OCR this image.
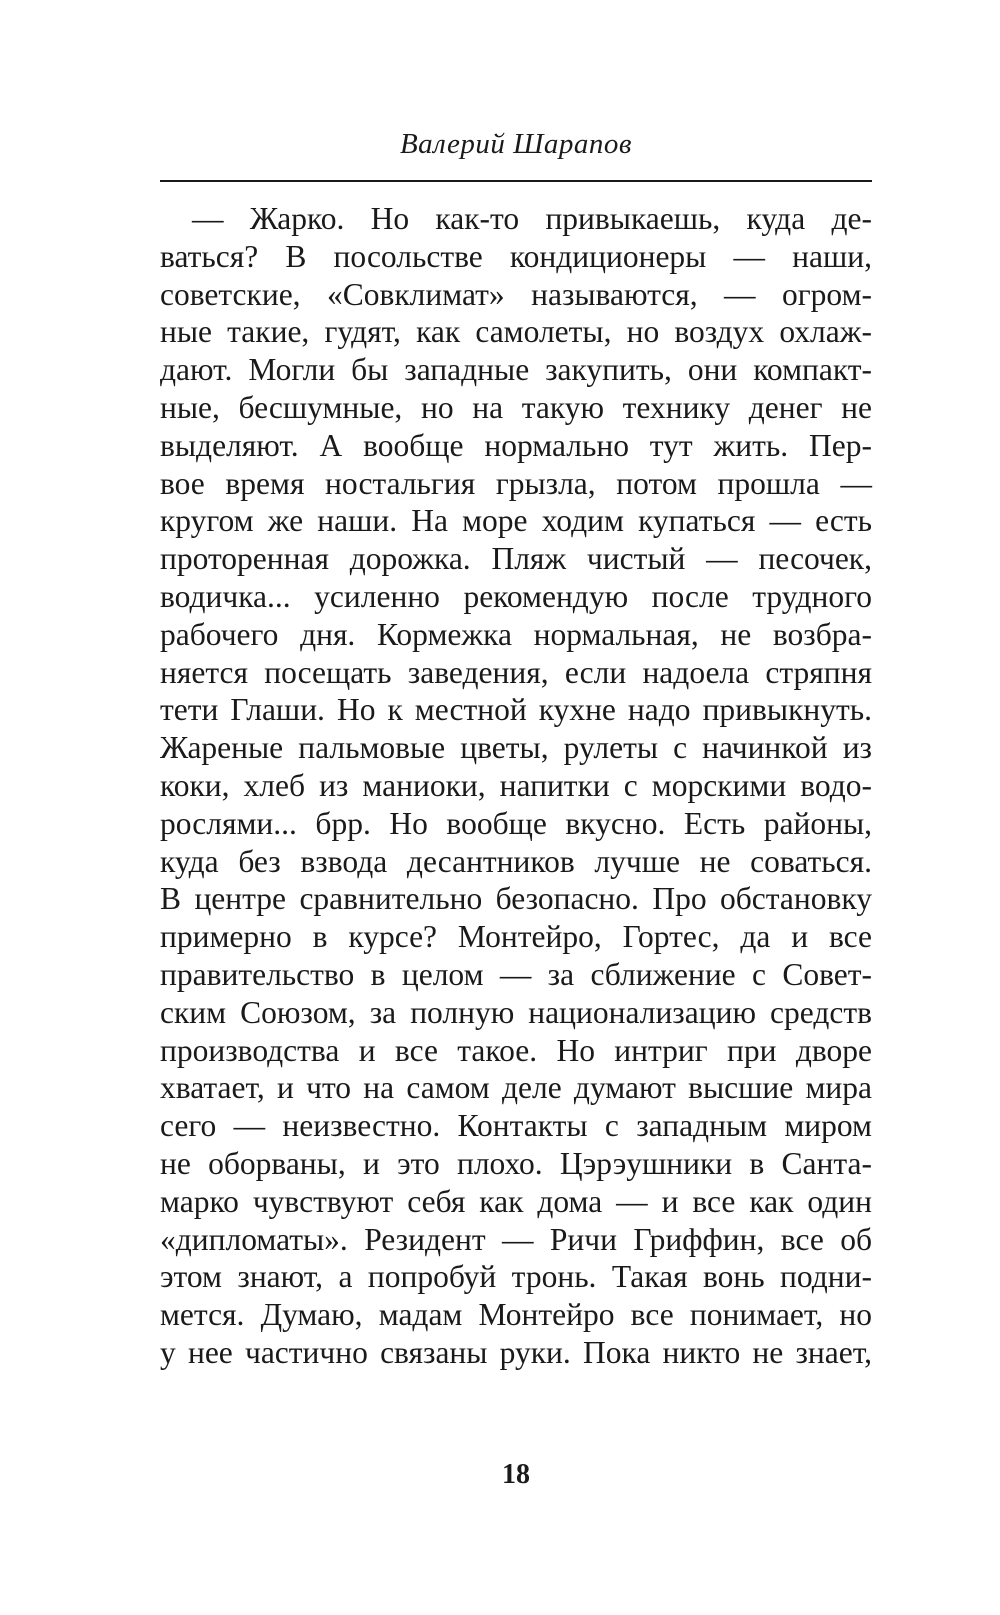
Валерий Шарапов
— Жарко. Но как-то привыкаешь, куда де-
ваться? В посольстве кондиционеры — наши,
советские, «Совклимат» называются, — огром-
ные такие, гудят, как самолеты, но воздух охлаж-
дают. Могли бы западные закупить, они компакт-
ные, бесшумные, но на такую технику денег не
выделяют. А вообще нормально тут жить. Пер-
вое время ностальгия грызла, потом прошла —
кругом же наши. На море ходим купаться — есть
проторенная дорожка. Пляж чистый — песочек,
водичка... усиленно рекомендую после трудного
рабочего дня. Кормежка нормальная, не возбра-
няется посещать заведения, если надоела стряпня
тети Глаши. Но к местной кухне надо привыкнуть.
Жареные пальмовые цветы, рулеты с начинкой из
коки, хлеб из маниоки, напитки с морскими водо-
рослями... брр. Но вообще вкусно. Есть районы,
куда без взвода десантников лучше не соваться.
В центре сравнительно безопасно. Про обстановку
примерно в курсе? Монтейро, Гортес, да и все
правительство в целом — за сближение с Совет-
ским Союзом, за полную национализацию средств
производства и все такое. Но интриг при дворе
хватает, и что на самом деле думают высшие мира
сего — неизвестно. Контакты с западным миром
не оборваны, и это плохо. Цэрэушники в Санта-
марко чувствуют себя как дома — и все как один
«дипломаты». Резидент — Ричи Гриффин, все об
этом знают, а попробуй тронь. Такая вонь подни-
мется. Думаю, мадам Монтейро все понимает, но
у нее частично связаны руки. Пока никто не знает,
18
